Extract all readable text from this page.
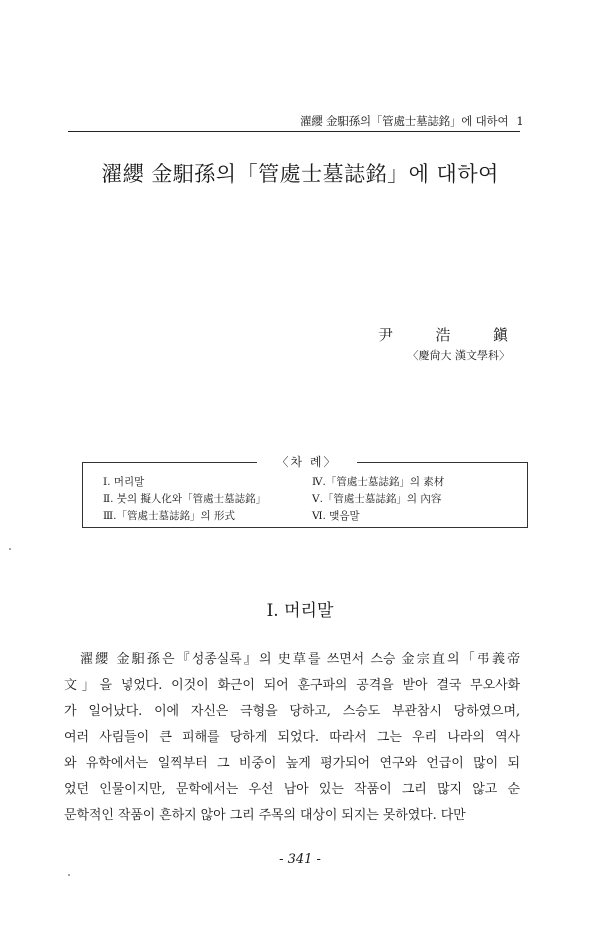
濯纓 金馹孫의「管處士墓誌銘」에 대하여 1
濯纓 金馹孫의「管處士墓誌銘」에 대하여
尹 浩 鎭
〈慶尙大 漢文學科〉
〈차 례〉
Ⅰ. 머리말
Ⅱ. 붓의 擬人化와「管處士墓誌銘」
Ⅲ.「管處士墓誌銘」의 形式
Ⅳ.「管處士墓誌銘」의 素材
Ⅴ.「管處士墓誌銘」의 內容
Ⅵ. 맺음말
Ⅰ. 머리말

濯纓 金馹孫은『성종실록』의 史草를 쓰면서 스승 金宗直의「弔義帝

文」을 넣었다. 이것이 화근이 되어 훈구파의 공격을 받아 결국 무오사화

가 일어났다. 이에 자신은 극형을 당하고, 스승도 부관참시 당하였으며,

여러 사림들이 큰 피해를 당하게 되었다. 따라서 그는 우리 나라의 역사

와 유학에서는 일찍부터 그 비중이 높게 평가되어 연구와 언급이 많이 되

었던 인물이지만, 문학에서는 우선 남아 있는 작품이 그리 많지 않고 순

문학적인 작품이 흔하지 않아 그리 주목의 대상이 되지는 못하였다. 다만

- 341 -
